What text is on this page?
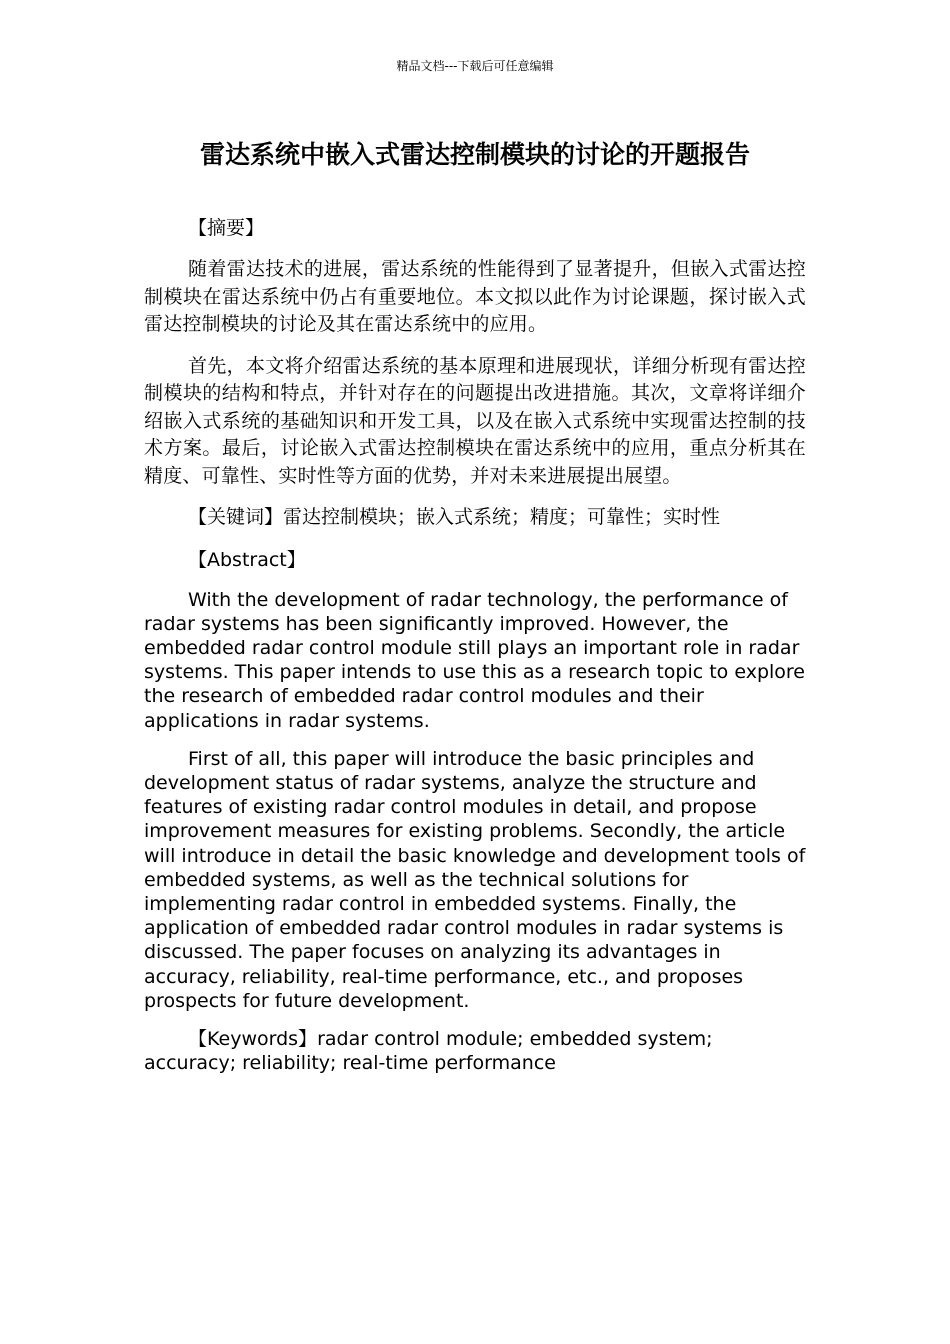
精品文档---下载后可任意编辑
雷达系统中嵌入式雷达控制模块的讨论的开题报告
【摘要】

随着雷达技术的进展，雷达系统的性能得到了显著提升，但嵌入式雷达控制模块在雷达系统中仍占有重要地位。本文拟以此作为讨论课题，探讨嵌入式雷达控制模块的讨论及其在雷达系统中的应用。

首先，本文将介绍雷达系统的基本原理和进展现状，详细分析现有雷达控制模块的结构和特点，并针对存在的问题提出改进措施。其次，文章将详细介绍嵌入式系统的基础知识和开发工具，以及在嵌入式系统中实现雷达控制的技术方案。最后，讨论嵌入式雷达控制模块在雷达系统中的应用，重点分析其在精度、可靠性、实时性等方面的优势，并对未来进展提出展望。

【关键词】雷达控制模块；嵌入式系统；精度；可靠性；实时性

【Abstract】

With the development of radar technology, the performance of radar systems has been significantly improved. However, the embedded radar control module still plays an important role in radar systems. This paper intends to use this as a research topic to explore the research of embedded radar control modules and their applications in radar systems.

First of all, this paper will introduce the basic principles and development status of radar systems, analyze the structure and features of existing radar control modules in detail, and propose improvement measures for existing problems. Secondly, the article will introduce in detail the basic knowledge and development tools of embedded systems, as well as the technical solutions for implementing radar control in embedded systems. Finally, the application of embedded radar control modules in radar systems is discussed. The paper focuses on analyzing its advantages in accuracy, reliability, real-time performance, etc., and proposes prospects for future development.

【Keywords】radar control module; embedded system; accuracy; reliability; real-time performance
